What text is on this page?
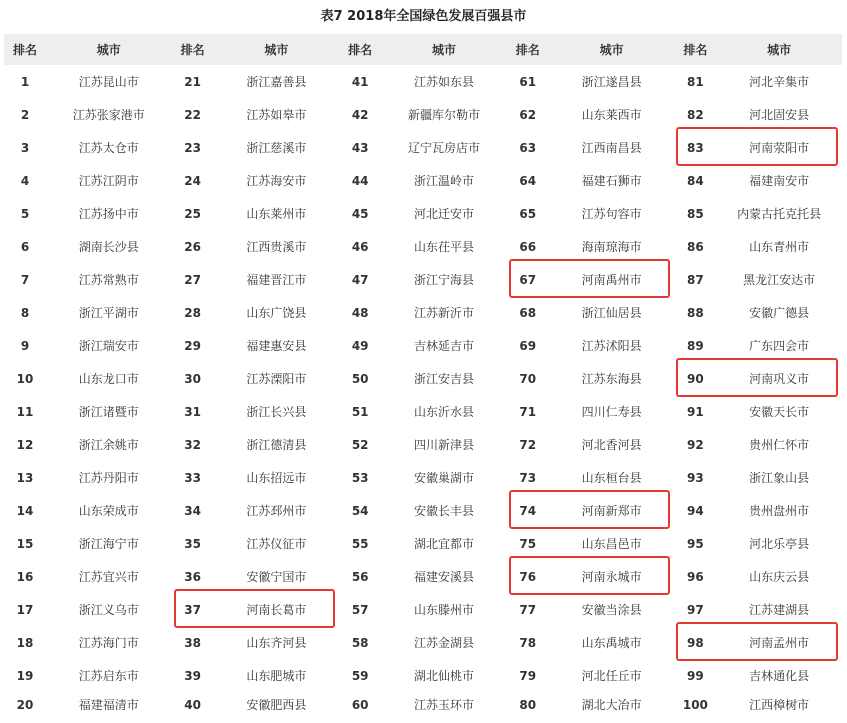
表7 2018年全国绿色发展百强县市
排名	城市	排名	城市	排名	城市	排名	城市	排名	城市
1	江苏昆山市	21	浙江嘉善县	41	江苏如东县	61	浙江遂昌县	81	河北辛集市
2	江苏张家港市	22	江苏如皋市	42	新疆库尔勒市	62	山东莱西市	82	河北固安县
3	江苏太仓市	23	浙江慈溪市	43	辽宁瓦房店市	63	江西南昌县	83	河南荥阳市
4	江苏江阴市	24	江苏海安市	44	浙江温岭市	64	福建石狮市	84	福建南安市
5	江苏扬中市	25	山东莱州市	45	河北迁安市	65	江苏句容市	85	内蒙古托克托县
6	湖南长沙县	26	江西贵溪市	46	山东茌平县	66	海南琼海市	86	山东青州市
7	江苏常熟市	27	福建晋江市	47	浙江宁海县	67	河南禹州市	87	黑龙江安达市
8	浙江平湖市	28	山东广饶县	48	江苏新沂市	68	浙江仙居县	88	安徽广德县
9	浙江瑞安市	29	福建惠安县	49	吉林延吉市	69	江苏沭阳县	89	广东四会市
10	山东龙口市	30	江苏溧阳市	50	浙江安吉县	70	江苏东海县	90	河南巩义市
11	浙江诸暨市	31	浙江长兴县	51	山东沂水县	71	四川仁寿县	91	安徽天长市
12	浙江余姚市	32	浙江德清县	52	四川新津县	72	河北香河县	92	贵州仁怀市
13	江苏丹阳市	33	山东招远市	53	安徽巢湖市	73	山东桓台县	93	浙江象山县
14	山东荣成市	34	江苏邳州市	54	安徽长丰县	74	河南新郑市	94	贵州盘州市
15	浙江海宁市	35	江苏仪征市	55	湖北宜都市	75	山东昌邑市	95	河北乐亭县
16	江苏宜兴市	36	安徽宁国市	56	福建安溪县	76	河南永城市	96	山东庆云县
17	浙江义乌市	37	河南长葛市	57	山东滕州市	77	安徽当涂县	97	江苏建湖县
18	江苏海门市	38	山东齐河县	58	江苏金湖县	78	山东禹城市	98	河南孟州市
19	江苏启东市	39	山东肥城市	59	湖北仙桃市	79	河北任丘市	99	吉林通化县
20	福建福清市	40	安徽肥西县	60	江苏玉环市	80	湖北大冶市	100	江西樟树市
